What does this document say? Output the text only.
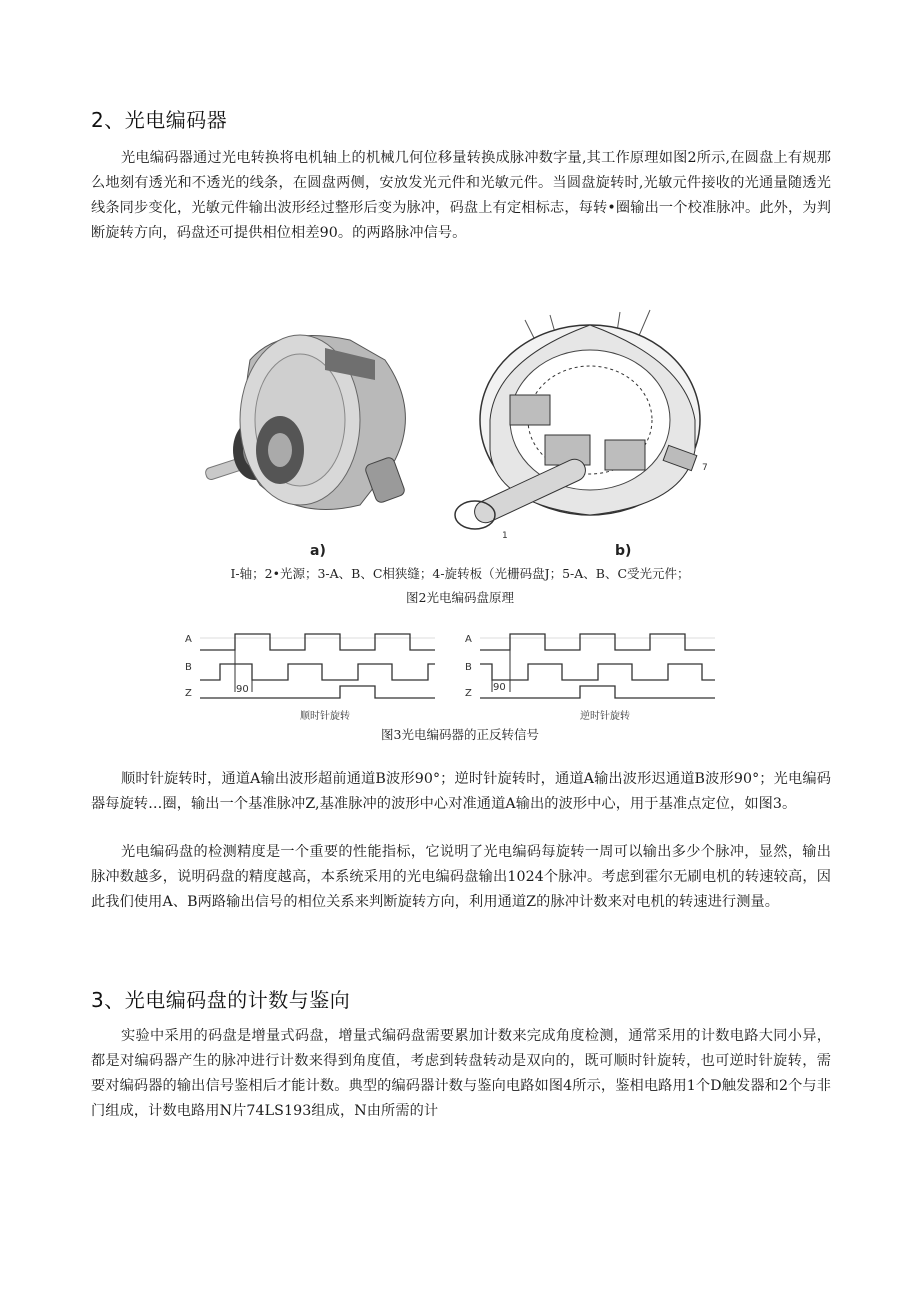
2、光电编码器

光电编码器通过光电转换将电机轴上的机械几何位移量转换成脉冲数字量,其工作原理如图2所示,在圆盘上有规那么地刻有透光和不透光的线条，在圆盘两侧，安放发光元件和光敏元件。当圆盘旋转时,光敏元件接收的光通量随透光线条同步变化，光敏元件输出波形经过整形后变为脉冲，码盘上有定相标志，每转•圈输出一个校准脉冲。此外，为判断旋转方向，码盘还可提供相位相差90。的两路脉冲信号。

a)
7
1
b)
I-轴；2•光源；3-A、B、C相狭缝；4-旋转板（光栅码盘J；5-A、B、C受光元件；
图2光电编码盘原理
A
B
Z	90
A
B
Z
90
顺时针旋转	逆时针旋转
图3光电编码器的正反转信号

顺时针旋转时，通道A输出波形超前通道B波形90°；逆时针旋转时，通道A输出波形迟通道B波形90°；光电编码器每旋转…圈，输出一个基准脉冲Z,基准脉冲的波形中心对准通道A输出的波形中心，用于基准点定位，如图3。

光电编码盘的检测精度是一个重要的性能指标，它说明了光电编码每旋转一周可以输出多少个脉冲，显然，输出脉冲数越多，说明码盘的精度越高，本系统采用的光电编码盘输出1024个脉冲。考虑到霍尔无刷电机的转速较高，因此我们使用A、B两路输出信号的相位关系来判断旋转方向，利用通道Z的脉冲计数来对电机的转速进行测量。

3、光电编码盘的计数与鉴向

实验中采用的码盘是增量式码盘，增量式编码盘需要累加计数来完成角度检测，通常采用的计数电路大同小异，都是对编码器产生的脉冲进行计数来得到角度值，考虑到转盘转动是双向的，既可顺时针旋转，也可逆时针旋转，需要对编码器的输出信号鉴相后才能计数。典型的编码器计数与鉴向电路如图4所示，鉴相电路用1个D触发器和2个与非门组成，计数电路用N片74LS193组成，N由所需的计
